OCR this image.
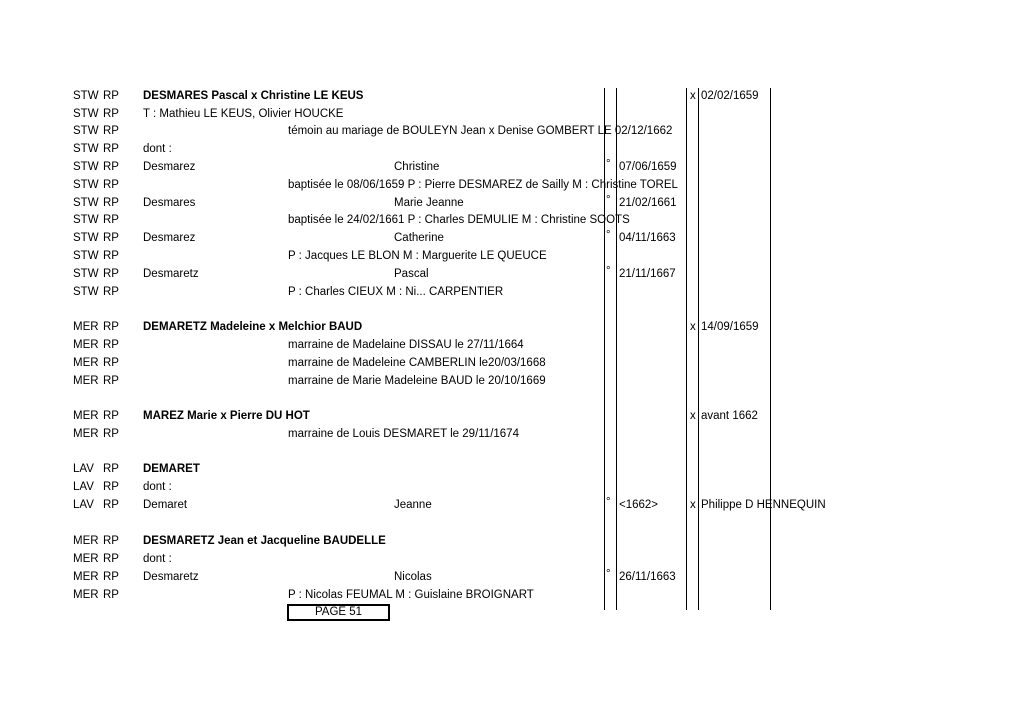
STW RP DESMARES Pascal x Christine LE KEUS	x 02/02/1659
STW RP T : Mathieu LE KEUS, Olivier HOUCKE
STW RP	témoin au mariage de BOULEYN Jean x Denise GOMBERT LE 02/12/1662
STW RP dont :
STW RP Desmarez	Christine	° 07/06/1659
STW RP	baptisée le 08/06/1659 P : Pierre DESMAREZ de Sailly M : Christine TOREL
STW RP Desmares	Marie Jeanne	° 21/02/1661
STW RP	baptisée le 24/02/1661 P : Charles DEMULIE M : Christine SOOTS
STW RP Desmarez	Catherine	° 04/11/1663
STW RP	P : Jacques LE BLON M : Marguerite LE QUEUCE
STW RP Desmaretz	Pascal	° 21/11/1667
STW RP	P : Charles CIEUX M : Ni... CARPENTIER
MER RP DEMARETZ Madeleine x Melchior BAUD	x 14/09/1659
MER RP	marraine de Madelaine DISSAU le 27/11/1664
MER RP	marraine de Madeleine CAMBERLIN le20/03/1668
MER RP	marraine de Marie Madeleine BAUD le 20/10/1669
MER RP MAREZ Marie x Pierre DU HOT	x avant 1662
MER RP	marraine de Louis DESMARET le 29/11/1674
LAV RP DEMARET
LAV RP dont :
LAV RP Demaret	Jeanne	° <1662>	x Philippe D HENNEQUIN
MER RP DESMARETZ Jean et Jacqueline BAUDELLE
MER RP dont :
MER RP Desmaretz	Nicolas	° 26/11/1663
MER RP	P : Nicolas FEUMAL M : Guislaine BROIGNART
PAGE 51
